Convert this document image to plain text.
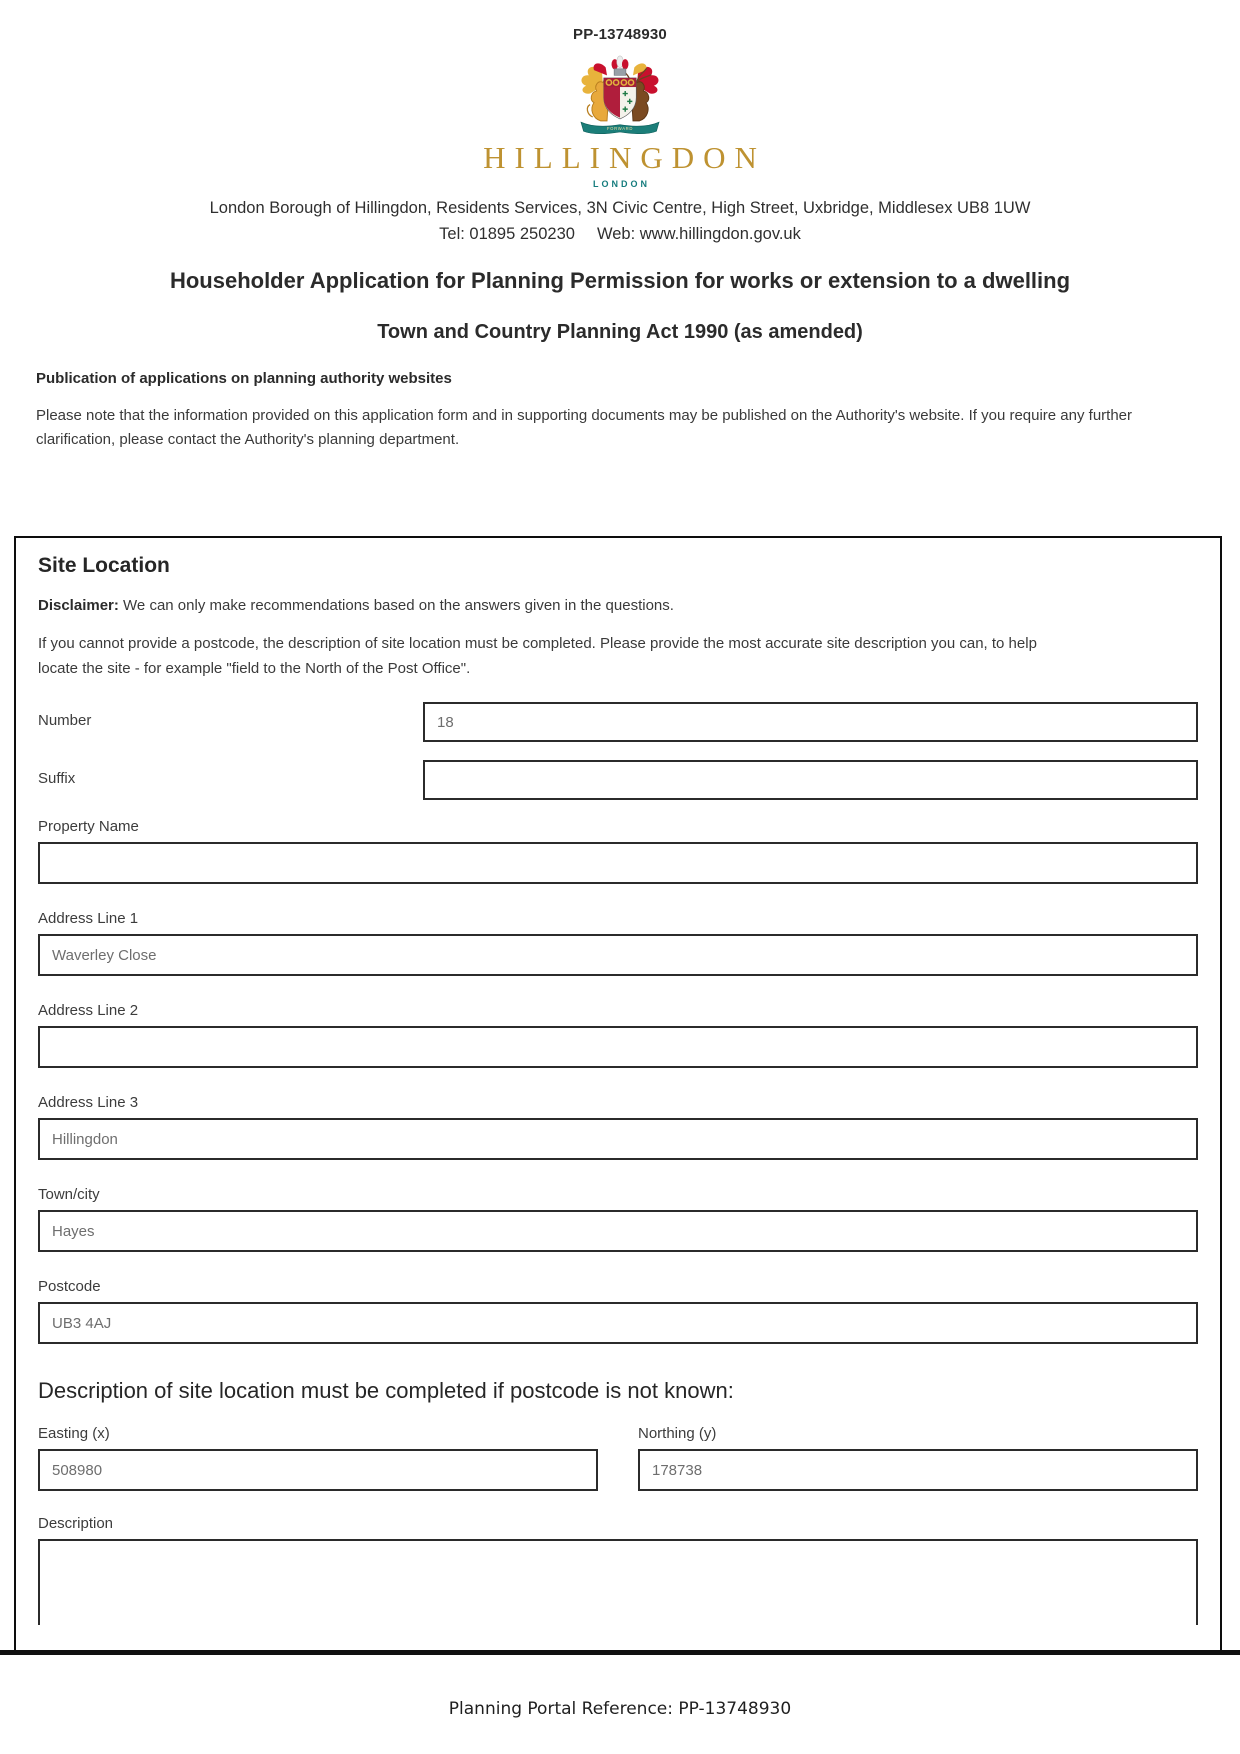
PP-13748930
FORWARD
HILLINGDON
LONDON
London Borough of Hillingdon, Residents Services, 3N Civic Centre, High Street, Uxbridge, Middlesex UB8 1UW
Tel: 01895 250230 Web: www.hillingdon.gov.uk
Householder Application for Planning Permission for works or extension to a dwelling
Town and Country Planning Act 1990 (as amended)
Publication of applications on planning authority websites
Please note that the information provided on this application form and in supporting documents may be published on the Authority's website. If you require any further clarification, please contact the Authority's planning department.
Site Location
Disclaimer: We can only make recommendations based on the answers given in the questions.
If you cannot provide a postcode, the description of site location must be completed. Please provide the most accurate site description you can, to help locate the site - for example "field to the North of the Post Office".
Number
18
Suffix
Property Name
Address Line 1
Waverley Close
Address Line 2
Address Line 3
Hillingdon
Town/city
Hayes
Postcode
UB3 4AJ
Description of site location must be completed if postcode is not known:
Easting (x)
508980	Northing (y)
178738
Description
Planning Portal Reference: PP-13748930
